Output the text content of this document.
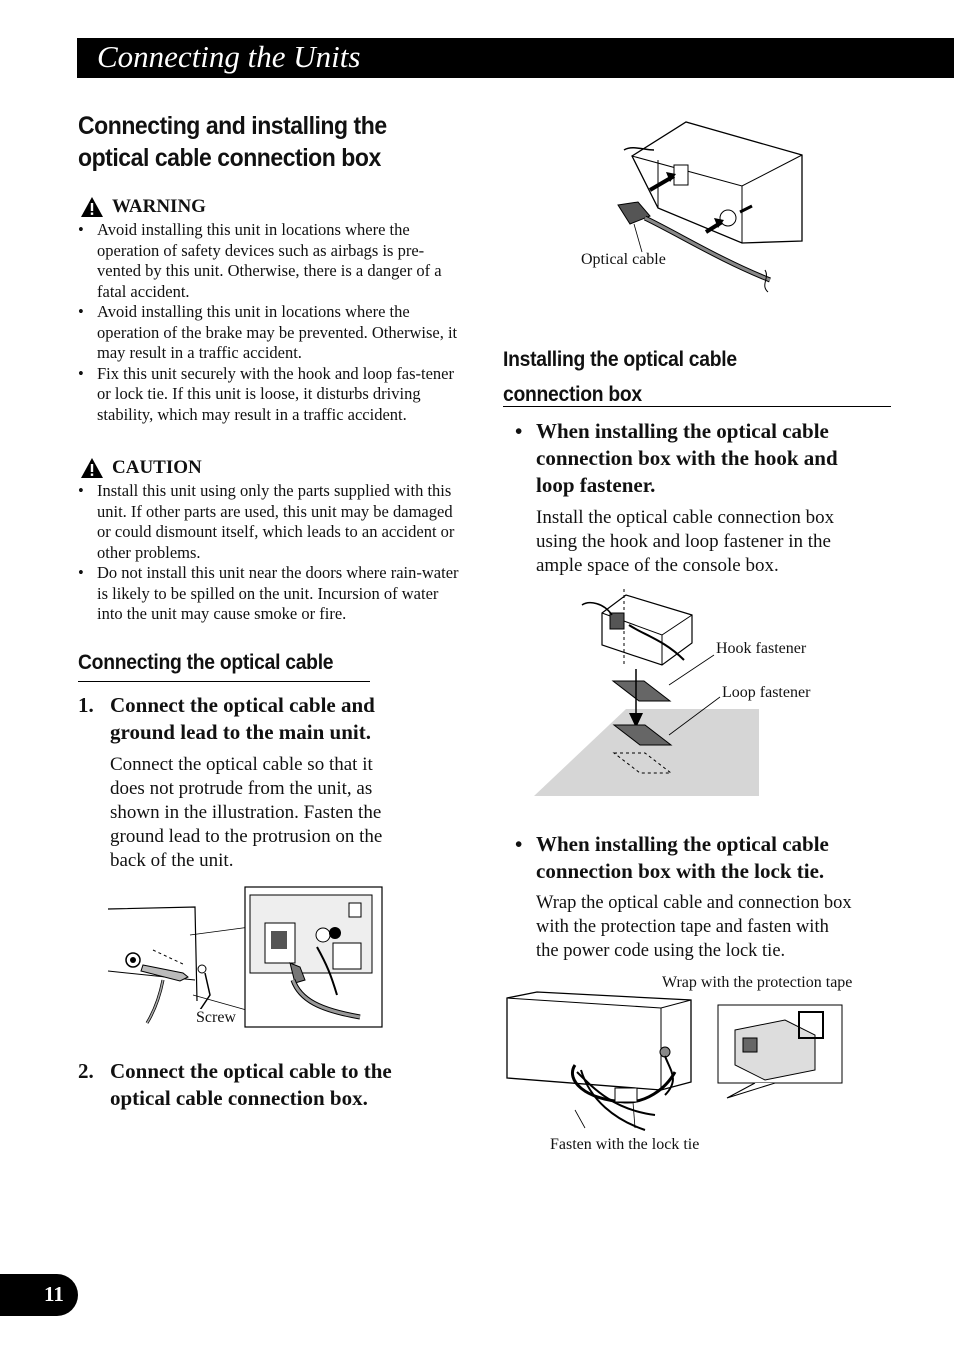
Connecting the Units
Connecting and installing the
optical cable connection box
WARNING
• Avoid installing this unit in locations where the operation of safety devices such as airbags is pre-vented by this unit. Otherwise, there is a danger of a fatal accident.
• Avoid installing this unit in locations where the operation of the brake may be prevented. Otherwise, it may result in a traffic accident.
• Fix this unit securely with the hook and loop fas-tener or lock tie. If this unit is loose, it disturbs driving stability, which may result in a traffic accident.
CAUTION
• Install this unit using only the parts supplied with this unit. If other parts are used, this unit may be damaged or could dismount itself, which leads to an accident or other problems.
• Do not install this unit near the doors where rain-water is likely to be spilled on the unit. Incursion of water into the unit may cause smoke or fire.
Connecting the optical cable
1. Connect the optical cable and ground lead to the main unit.
Connect the optical cable so that it does not protrude from the unit, as shown in the illustration. Fasten the ground lead to the protrusion on the back of the unit.
Screw
2. Connect the optical cable to the optical cable connection box.
Optical cable
Installing the optical cable
connection box
• When installing the optical cable connection box with the hook and loop fastener.
Install the optical cable connection box using the hook and loop fastener in the ample space of the console box.
Hook fastener
Loop fastener
• When installing the optical cable connection box with the lock tie.
Wrap the optical cable and connection box with the protection tape and fasten with the power code using the lock tie.
Wrap with the protection tape
Fasten with the lock tie
11
